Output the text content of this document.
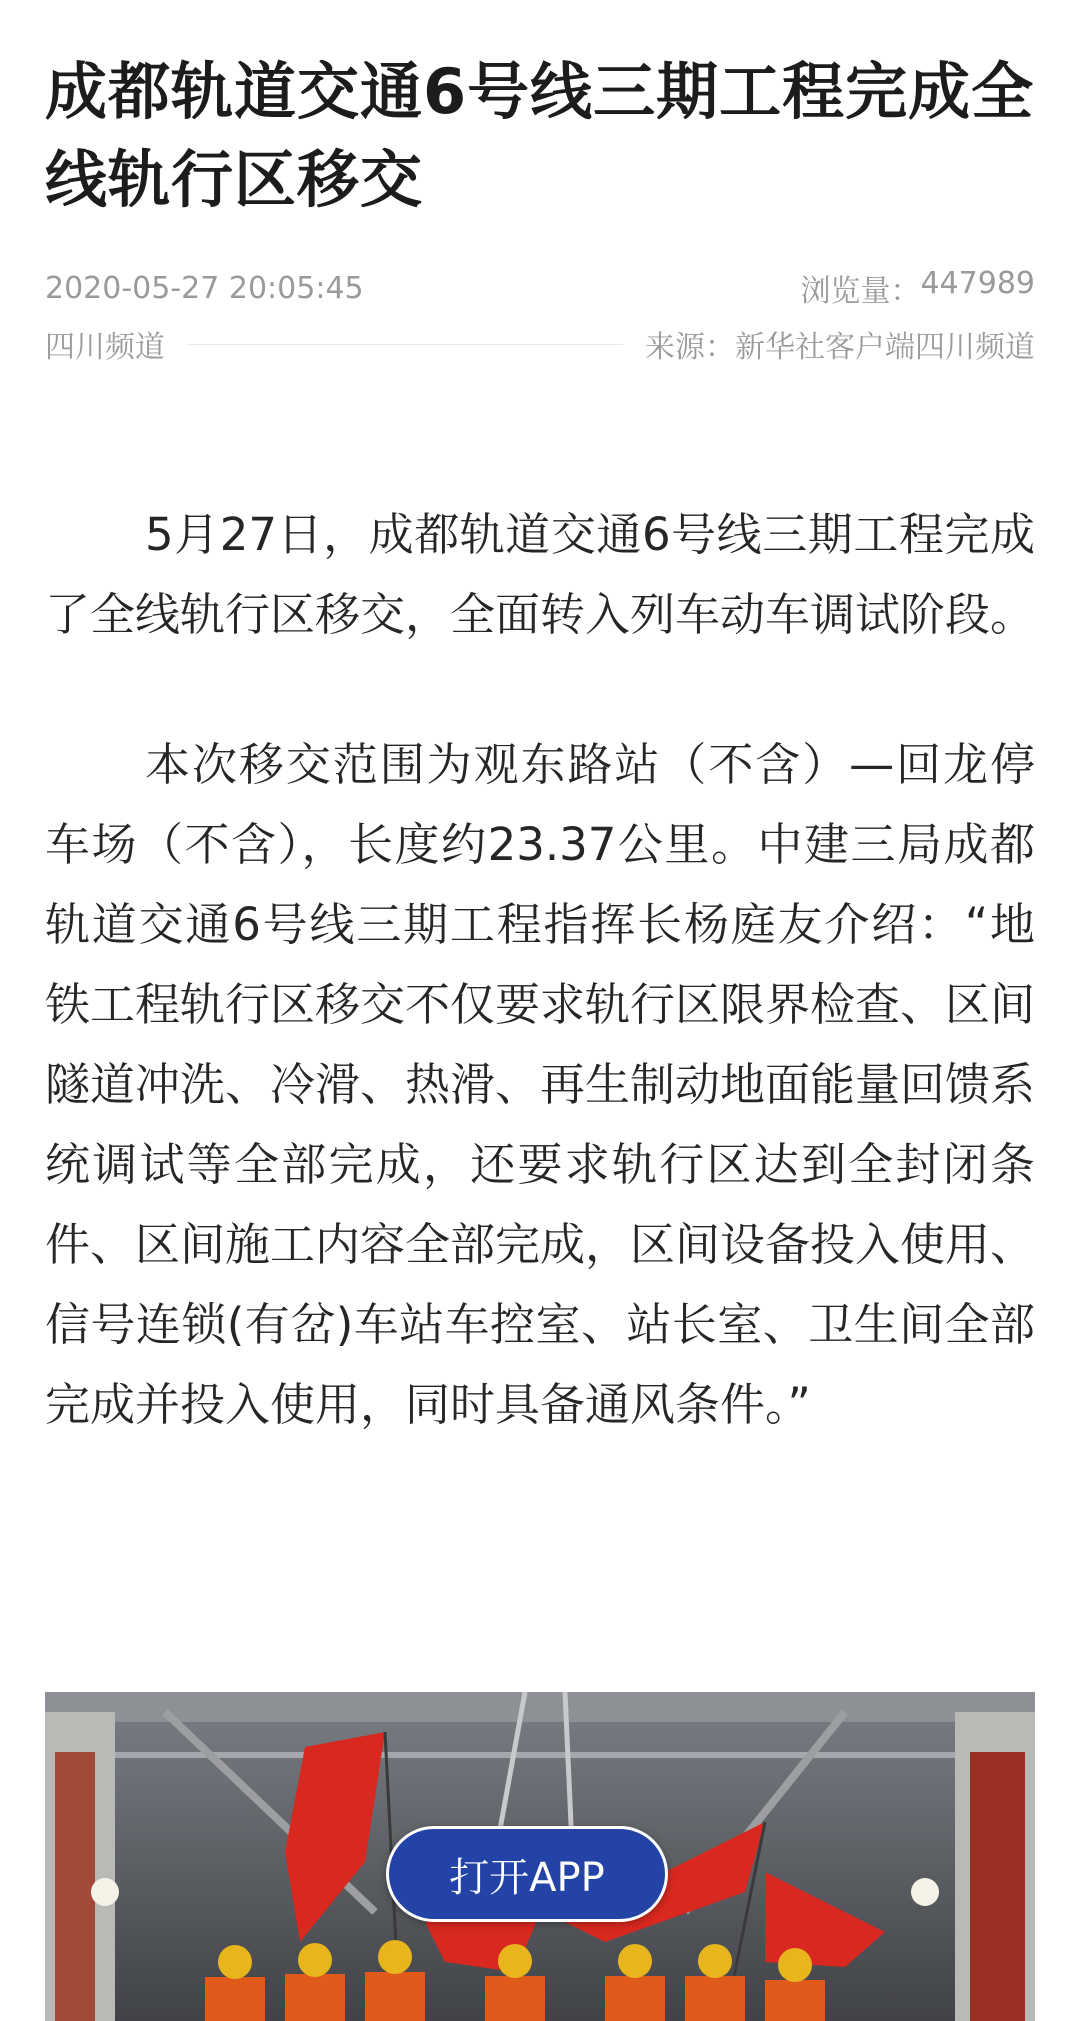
成都轨道交通6号线三期工程完成全线轨行区移交
2020-05-27 20:05:45	浏览量： 447989
四川频道	来源：新华社客户端四川频道

5月27日，成都轨道交通6号线三期工程完成了全线轨行区移交，全面转入列车动车调试阶段。

本次移交范围为观东路站（不含）—回龙停车场（不含），长度约23.37公里。中建三局成都轨道交通6号线三期工程指挥长杨庭友介绍：“地铁工程轨行区移交不仅要求轨行区限界检查、区间隧道冲洗、冷滑、热滑、再生制动地面能量回馈系统调试等全部完成，还要求轨行区达到全封闭条件、区间施工内容全部完成，区间设备投入使用、信号连锁(有岔)车站车控室、站长室、卫生间全部完成并投入使用，同时具备通风条件。”

打开APP
